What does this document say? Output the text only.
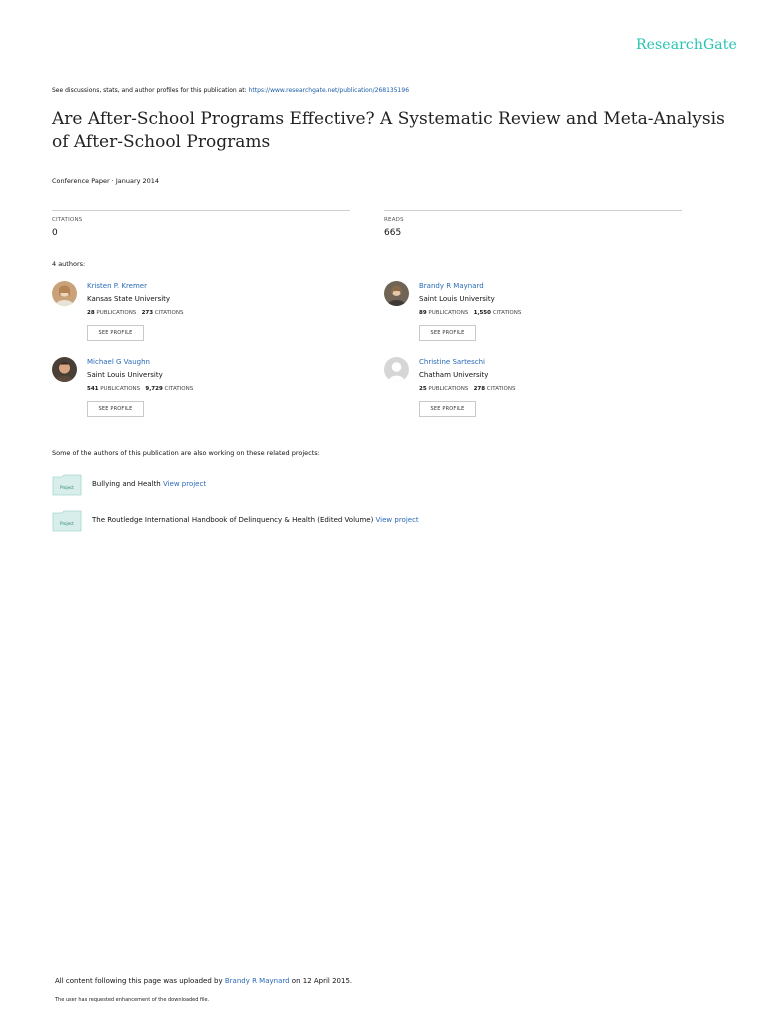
ResearchGate
See discussions, stats, and author profiles for this publication at: https://www.researchgate.net/publication/268135196
Are After-School Programs Effective? A Systematic Review and Meta-Analysis of After-School Programs
Conference Paper · January 2014
CITATIONS
0
READS
665
4 authors:
Kristen P. Kremer
Kansas State University
28 PUBLICATIONS 273 CITATIONS
SEE PROFILE
Brandy R Maynard
Saint Louis University
89 PUBLICATIONS 1,550 CITATIONS
SEE PROFILE
Michael G Vaughn
Saint Louis University
541 PUBLICATIONS 9,729 CITATIONS
SEE PROFILE
Christine Sarteschi
Chatham University
25 PUBLICATIONS 278 CITATIONS
SEE PROFILE
Some of the authors of this publication are also working on these related projects:
Project	Bullying and Health View project
Project	The Routledge International Handbook of Delinquency & Health (Edited Volume) View project
All content following this page was uploaded by Brandy R Maynard on 12 April 2015.
The user has requested enhancement of the downloaded file.
